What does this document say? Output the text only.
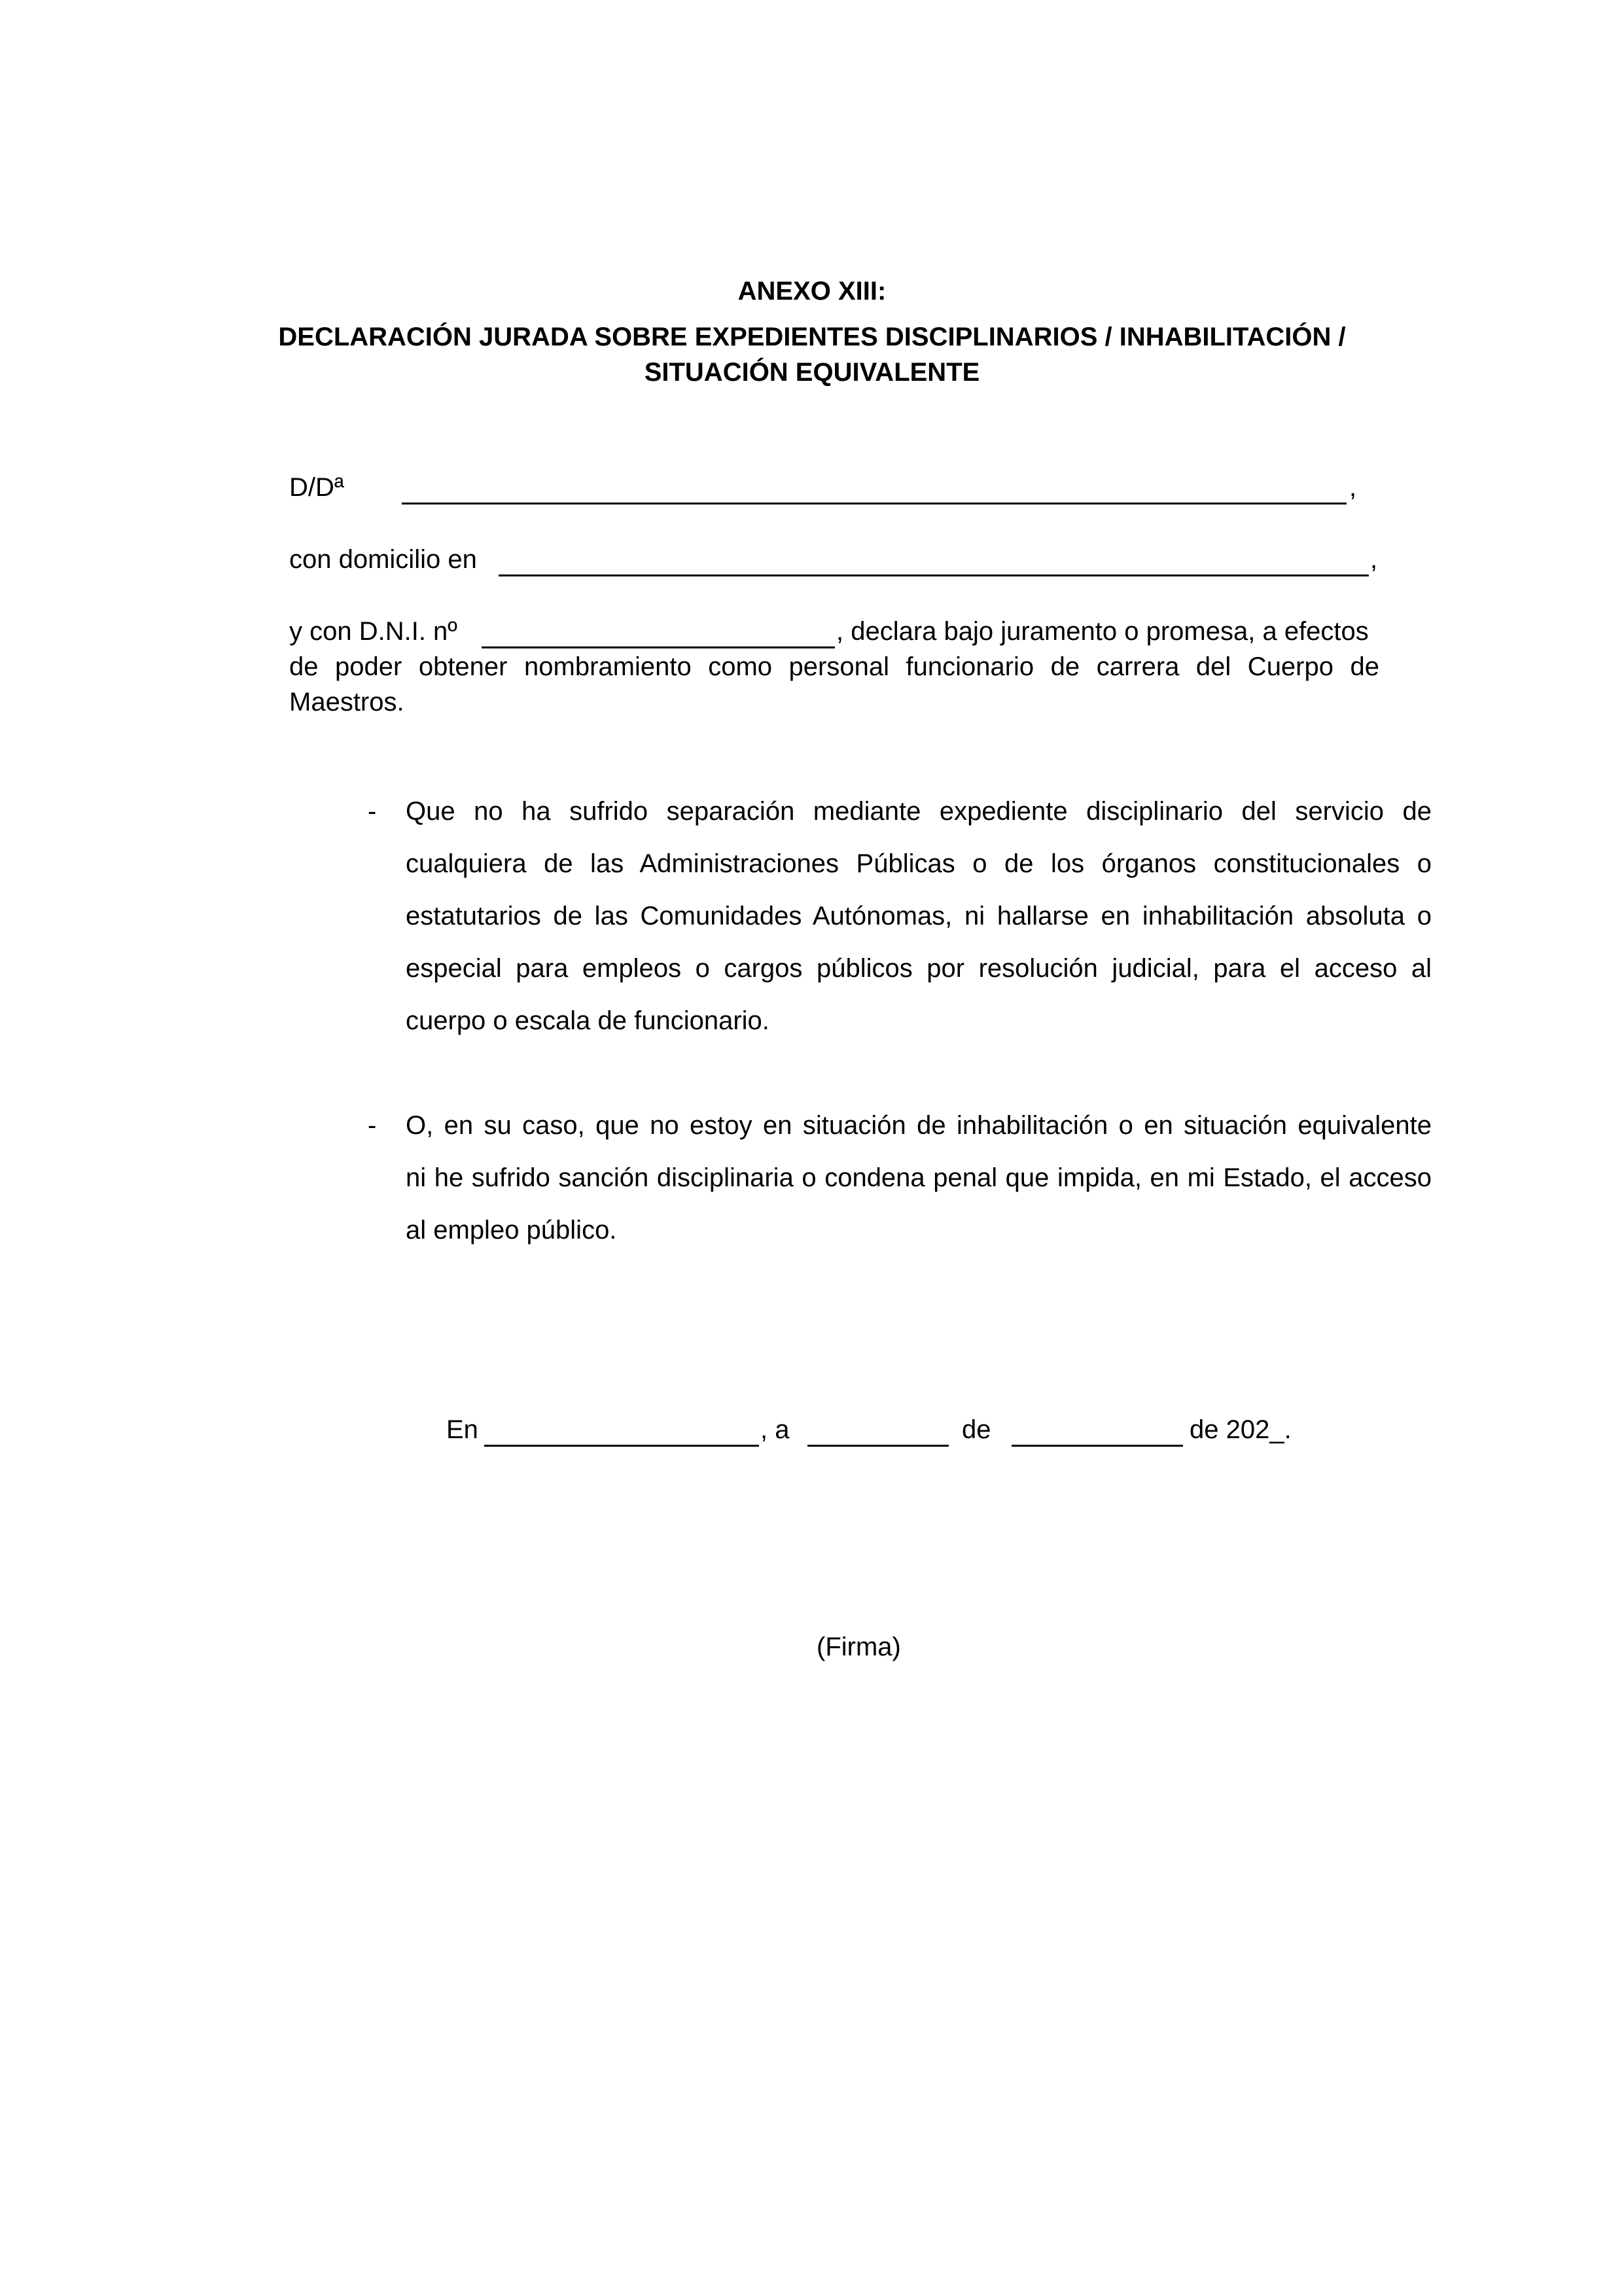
ANEXO XIII:
DECLARACIÓN JURADA SOBRE EXPEDIENTES DISCIPLINARIOS / INHABILITACIÓN /
SITUACIÓN EQUIVALENTE
D/Dª	,
con domicilio en	,
y con D.N.I. nº	, declara bajo juramento o promesa, a efectos
de poder obtener nombramiento como personal funcionario de carrera del Cuerpo de
Maestros.
- Que no ha sufrido separación mediante expediente disciplinario del servicio de
cualquiera de las Administraciones Públicas o de los órganos constitucionales o
estatutarios de las Comunidades Autónomas, ni hallarse en inhabilitación absoluta o
especial para empleos o cargos públicos por resolución judicial, para el acceso al
cuerpo o escala de funcionario.
- O, en su caso, que no estoy en situación de inhabilitación o en situación equivalente
ni he sufrido sanción disciplinaria o condena penal que impida, en mi Estado, el acceso
al empleo público.
En	, a	de	de 202_.
(Firma)
